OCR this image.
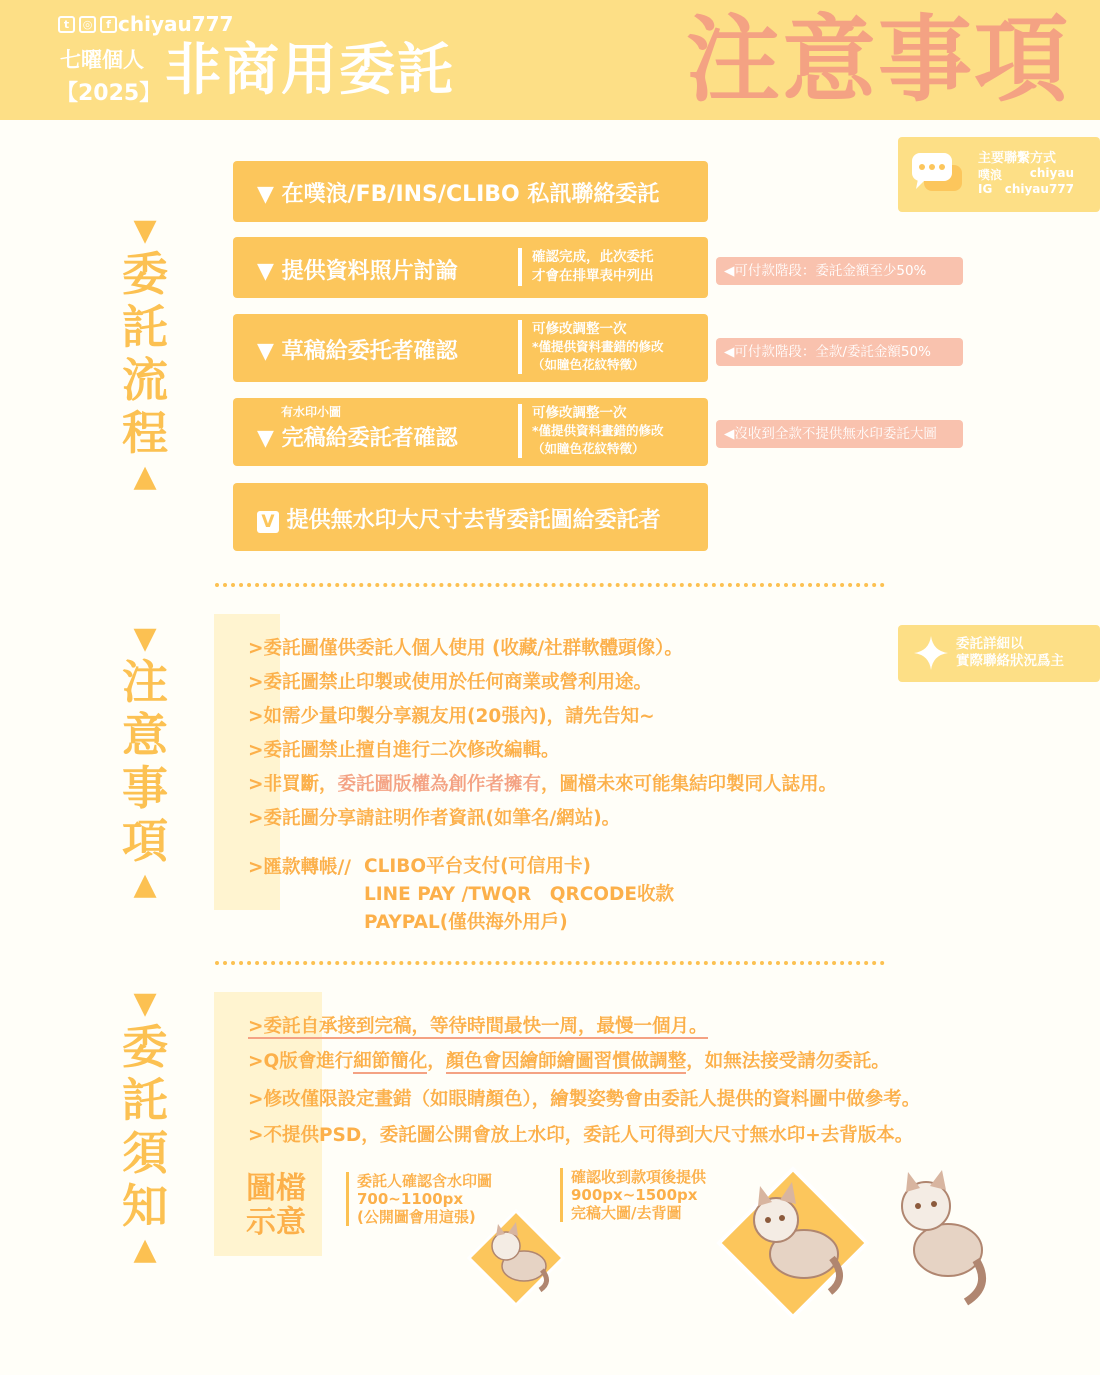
t	◎	f chiyau777
七曜個人
【2025】 非商用委託 注意事項
主要聯繫方式
噗浪 chiyau
IG chiyau777
▼
委
託
流
程
▲
▼ 在噗浪/FB/INS/CLIBO 私訊聯絡委託
▼ 提供資料照片討論
確認完成，此次委托
才會在排單表中列出
▼ 草稿給委托者確認
可修改調整一次
*僅提供資料畫錯的修改
（如瞳色花紋特徵）
有水印小圖
▼ 完稿給委託者確認
可修改調整一次
*僅提供資料畫錯的修改
（如瞳色花紋特徵）
V 提供無水印大尺寸去背委託圖給委託者
◀可付款階段：委託金額至少50%
◀可付款階段：全款/委託金額50%
◀沒收到全款不提供無水印委託大圖
▼
注
意
事
項
▲
委託詳細以
實際聯絡狀況爲主
>委託圖僅供委託人個人使用 (收藏/社群軟體頭像）。
>委託圖禁止印製或使用於任何商業或營利用途。
>如需少量印製分享親友用(20張內)，請先告知~
>委託圖禁止擅自進行二次修改編輯。
>非買斷，委託圖版權為創作者擁有，圖檔未來可能集結印製同人誌用。
>委託圖分享請註明作者資訊(如筆名/網站)。
>匯款轉帳// CLIBO平台支付(可信用卡)
LINE PAY /TWQR　QRCODE收款
PAYPAL(僅供海外用戶)
▼
委
託
須
知
▲
>委託自承接到完稿，等待時間最快一周，最慢一個月。
>Q版會進行細節簡化，顏色會因繪師繪圖習慣做調整，如無法接受請勿委託。
>修改僅限設定畫錯（如眼睛顏色），繪製姿勢會由委託人提供的資料圖中做參考。
>不提供PSD，委託圖公開會放上水印，委託人可得到大尺寸無水印+去背版本。
圖檔
示意
委託人確認含水印圖
700~1100px
(公開圖會用這張)
確認收到款項後提供
900px~1500px
完稿大圖/去背圖
